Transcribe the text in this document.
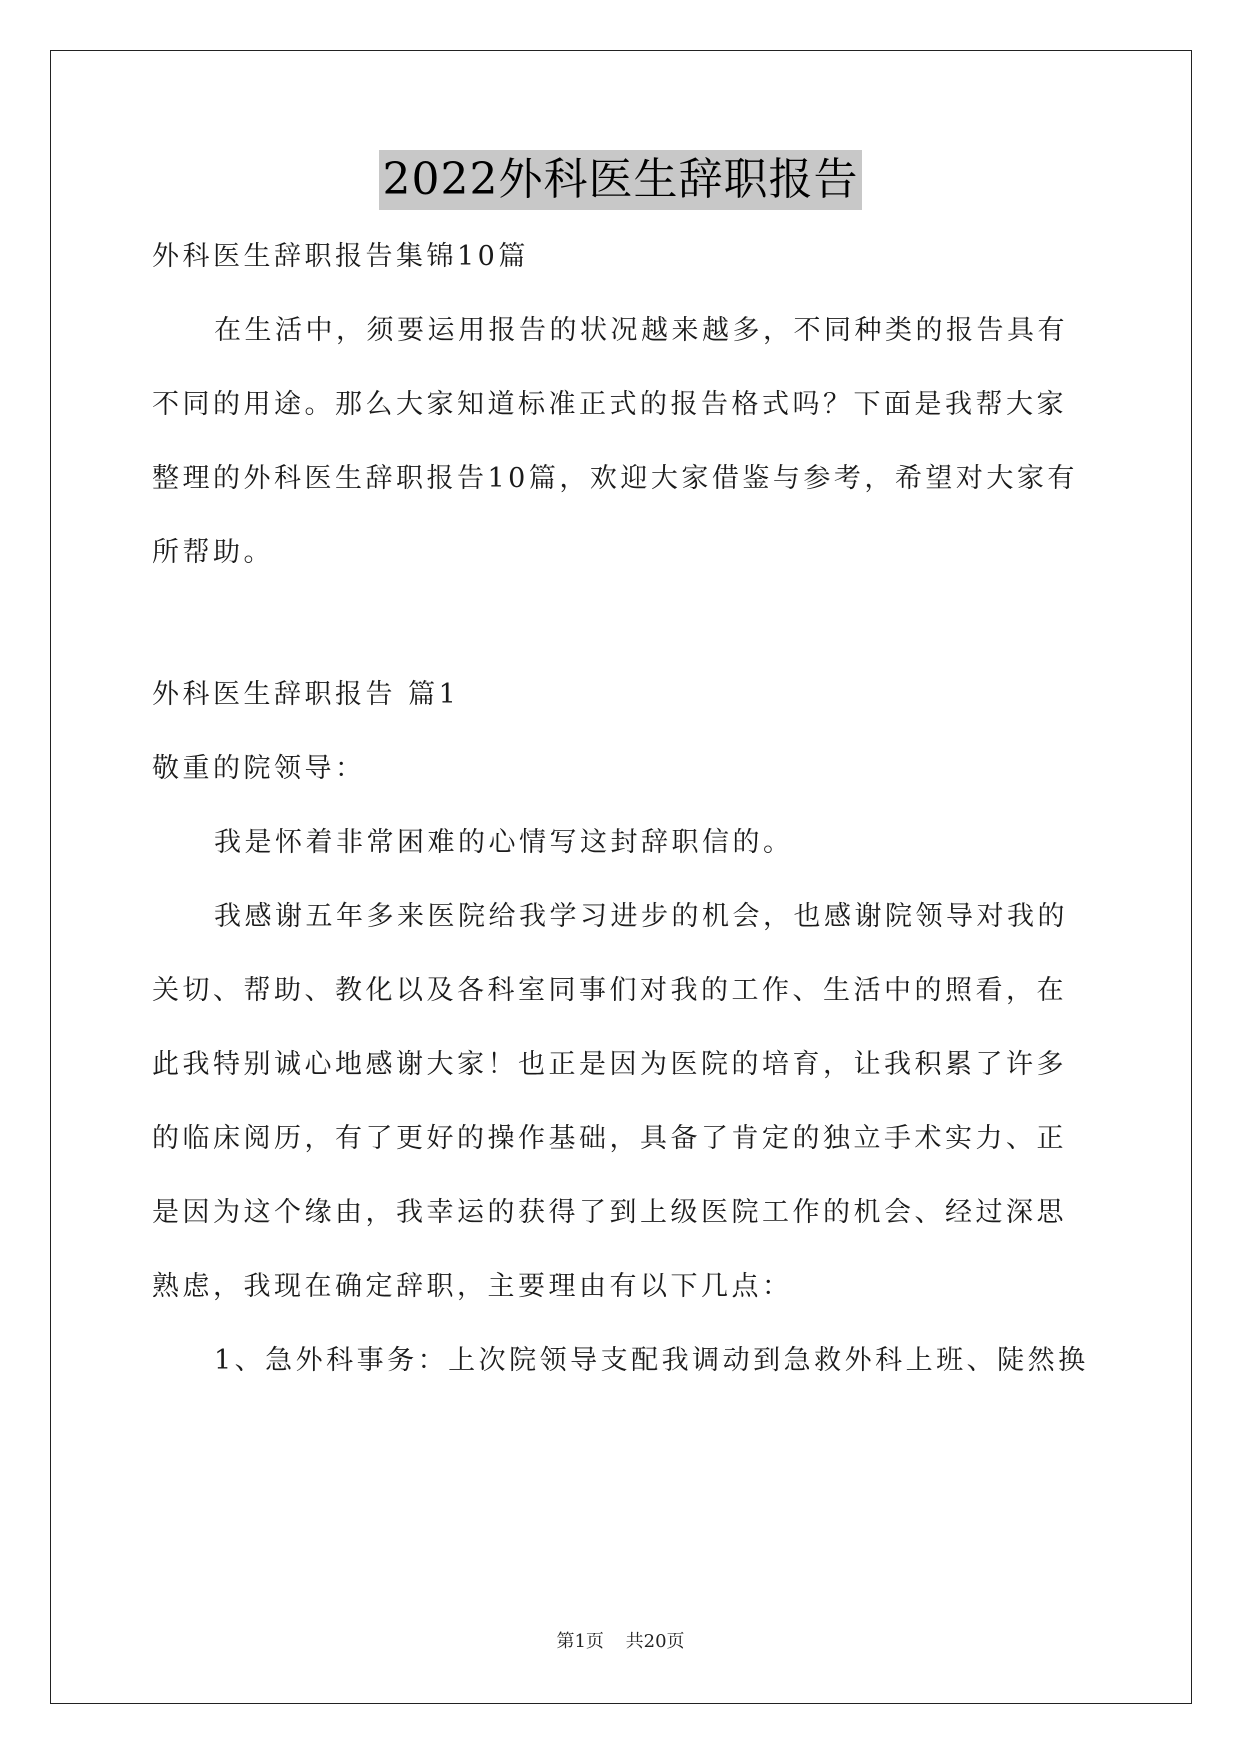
2022外科医生辞职报告
外科医生辞职报告集锦10篇
在生活中，须要运用报告的状况越来越多，不同种类的报告具有
不同的用途。那么大家知道标准正式的报告格式吗？下面是我帮大家
整理的外科医生辞职报告10篇，欢迎大家借鉴与参考，希望对大家有
所帮助。
外科医生辞职报告 篇1
敬重的院领导：
我是怀着非常困难的心情写这封辞职信的。
我感谢五年多来医院给我学习进步的机会，也感谢院领导对我的
关切、帮助、教化以及各科室同事们对我的工作、生活中的照看，在
此我特别诚心地感谢大家！也正是因为医院的培育，让我积累了许多
的临床阅历，有了更好的操作基础，具备了肯定的独立手术实力、正
是因为这个缘由，我幸运的获得了到上级医院工作的机会、经过深思
熟虑，我现在确定辞职，主要理由有以下几点：
1、急外科事务：上次院领导支配我调动到急救外科上班、陡然换
第1页 共20页
